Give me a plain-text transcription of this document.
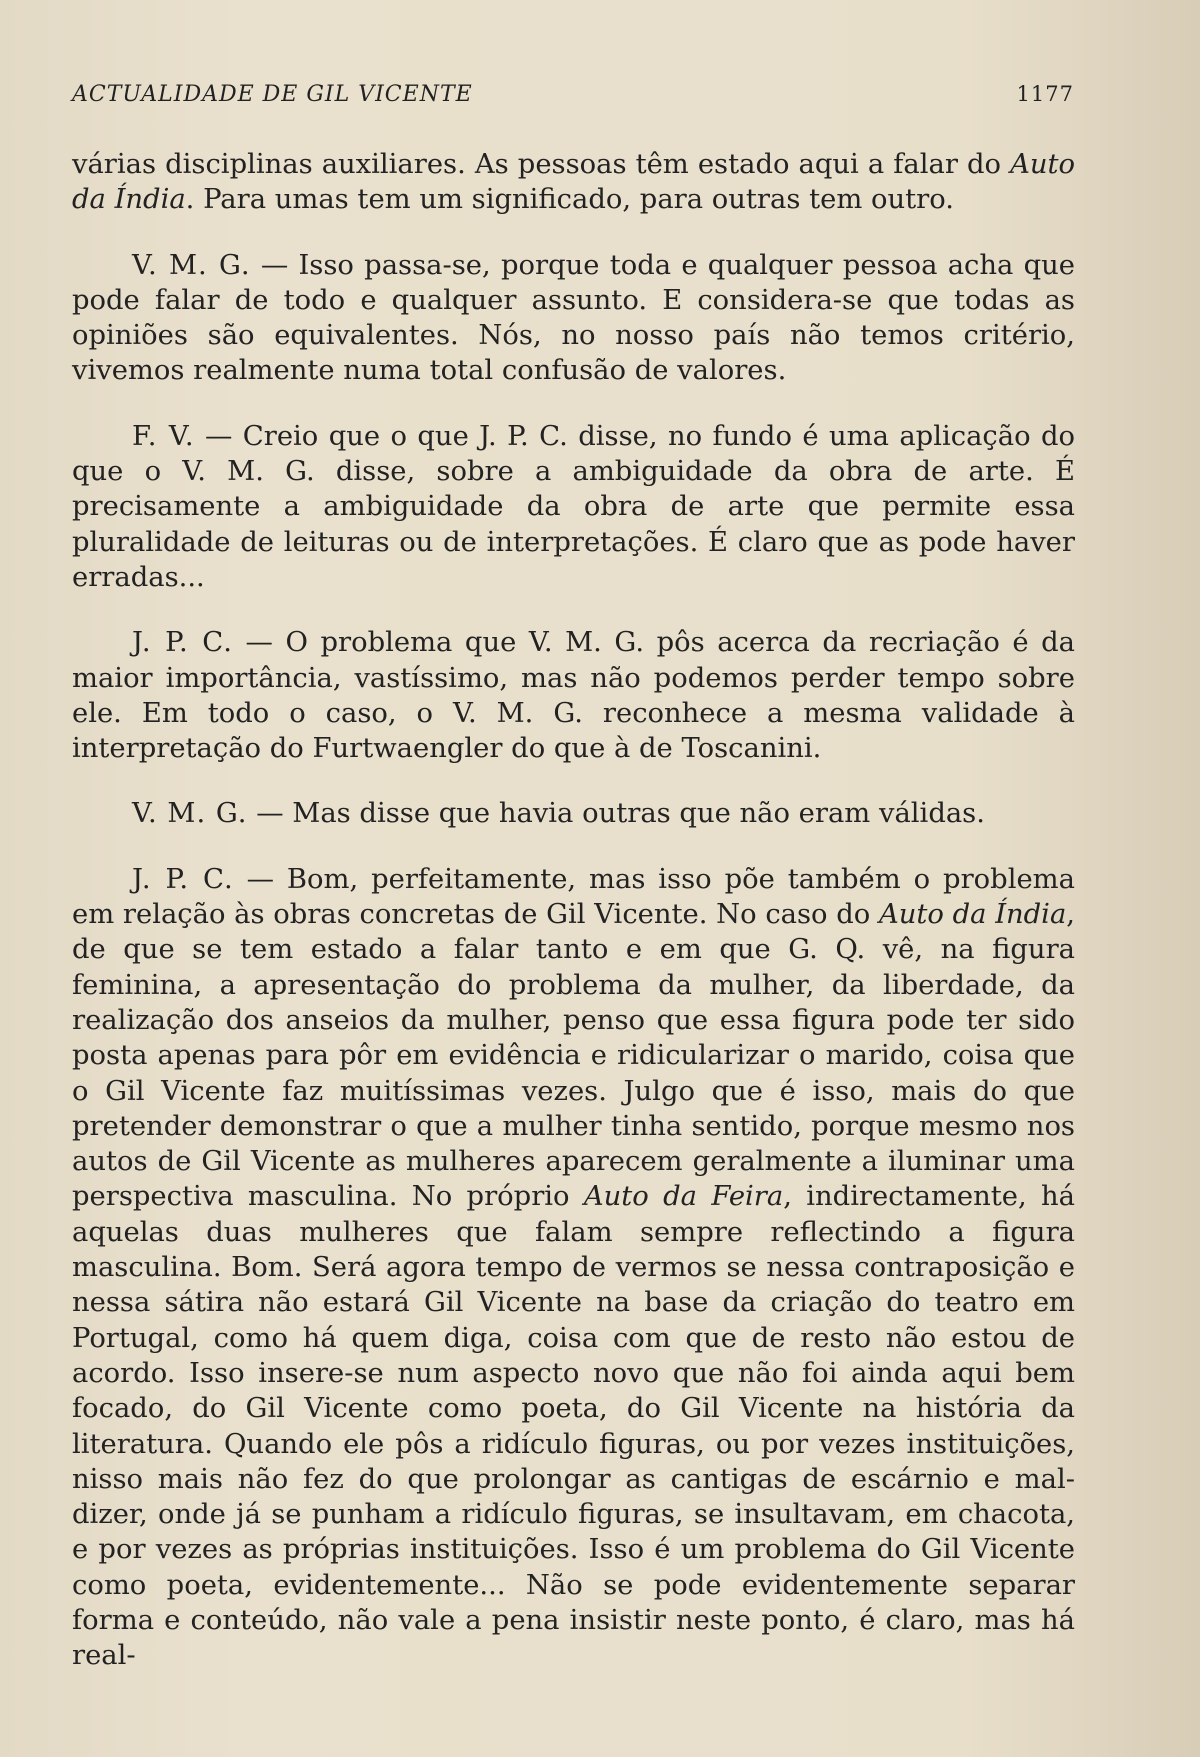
ACTUALIDADE DE GIL VICENTE	1177

várias disciplinas auxiliares. As pessoas têm estado aqui a falar do Auto da Índia. Para umas tem um significado, para outras tem outro.

V. M. G. — Isso passa-se, porque toda e qualquer pessoa acha que pode falar de todo e qualquer assunto. E considera-se que todas as opiniões são equivalentes. Nós, no nosso país não temos critério, vivemos realmente numa total confusão de valores.

F. V. — Creio que o que J. P. C. disse, no fundo é uma aplicação do que o V. M. G. disse, sobre a ambiguidade da obra de arte. É precisamente a ambiguidade da obra de arte que permite essa pluralidade de leituras ou de interpretações. É claro que as pode haver erradas...

J. P. C. — O problema que V. M. G. pôs acerca da recriação é da maior importância, vastíssimo, mas não podemos perder tempo sobre ele. Em todo o caso, o V. M. G. reconhece a mesma validade à interpretação do Furtwaengler do que à de Toscanini.

V. M. G. — Mas disse que havia outras que não eram válidas.

J. P. C. — Bom, perfeitamente, mas isso põe também o problema em relação às obras concretas de Gil Vicente. No caso do Auto da Índia, de que se tem estado a falar tanto e em que G. Q. vê, na figura feminina, a apresentação do problema da mulher, da liberdade, da realização dos anseios da mulher, penso que essa figura pode ter sido posta apenas para pôr em evidência e ridicularizar o marido, coisa que o Gil Vicente faz muitíssimas vezes. Julgo que é isso, mais do que pretender demonstrar o que a mulher tinha sentido, porque mesmo nos autos de Gil Vicente as mulheres aparecem geralmente a iluminar uma perspectiva masculina. No próprio Auto da Feira, indirectamente, há aquelas duas mulheres que falam sempre reflectindo a figura masculina. Bom. Será agora tempo de vermos se nessa contraposição e nessa sátira não estará Gil Vicente na base da criação do teatro em Portugal, como há quem diga, coisa com que de resto não estou de acordo. Isso insere-se num aspecto novo que não foi ainda aqui bem focado, do Gil Vicente como poeta, do Gil Vicente na história da literatura. Quando ele pôs a ridículo figuras, ou por vezes instituições, nisso mais não fez do que prolongar as cantigas de escárnio e mal-dizer, onde já se punham a ridículo figuras, se insultavam, em chacota, e por vezes as próprias instituições. Isso é um problema do Gil Vicente como poeta, evidentemente... Não se pode evidentemente separar forma e conteúdo, não vale a pena insistir neste ponto, é claro, mas há real-
